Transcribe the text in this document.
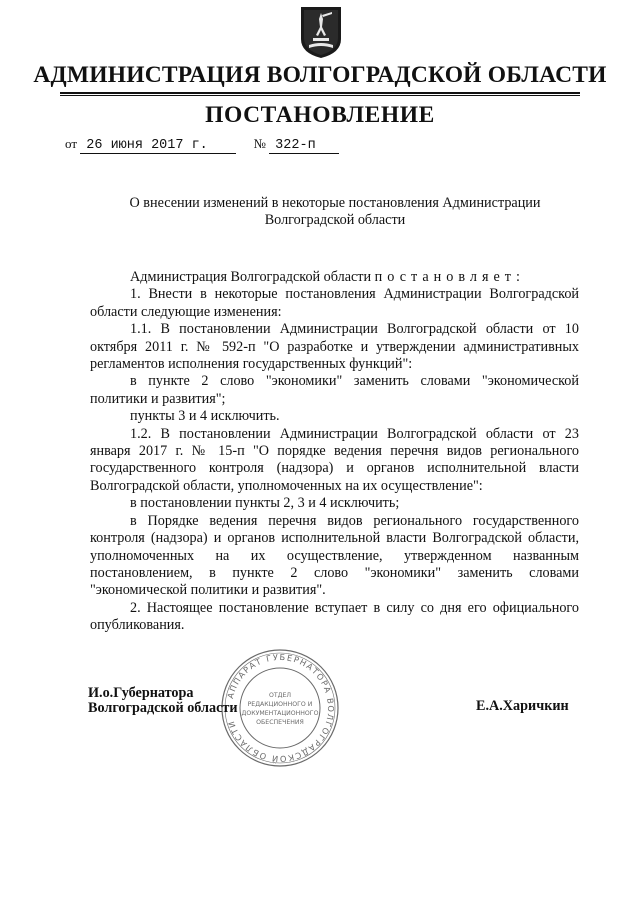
АДМИНИСТРАЦИЯ ВОЛГОГРАДСКОЙ ОБЛАСТИ
ПОСТАНОВЛЕНИЕ
от 26 июня 2017 г.	№ 322-п
О внесении изменений в некоторые постановления Администрации
Волгоградской области

Администрация Волгоградской области постановляет:

1. Внести в некоторые постановления Администрации Волгоградской области следующие изменения:

1.1. В постановлении Администрации Волгоградской области от 10 октября 2011 г. № 592-п "О разработке и утверждении административных регламентов исполнения государственных функций":

в пункте 2 слово "экономики" заменить словами "экономической политики и развития";

пункты 3 и 4 исключить.

1.2. В постановлении Администрации Волгоградской области от 23 января 2017 г. № 15-п "О порядке ведения перечня видов регионального государственного контроля (надзора) и органов исполнительной власти Волгоградской области, уполномоченных на их осуществление":

в постановлении пункты 2, 3 и 4 исключить;

в Порядке ведения перечня видов регионального государственного контроля (надзора) и органов исполнительной власти Волгоградской области, уполномоченных на их осуществление, утвержденном названным постановлением, в пункте 2 слово "экономики" заменить словами "экономической политики и развития".

2. Настоящее постановление вступает в силу со дня его официального опубликования.

АППАРАТ ГУБЕРНАТОРА ВОЛГОГРАДСКОЙ ОБЛАСТИ
ОТДЕЛ
РЕДАКЦИОННОГО И
ДОКУМЕНТАЦИОННОГО
ОБЕСПЕЧЕНИЯ
И.о.Губернатора
Волгоградской области	Е.А.Харичкин
